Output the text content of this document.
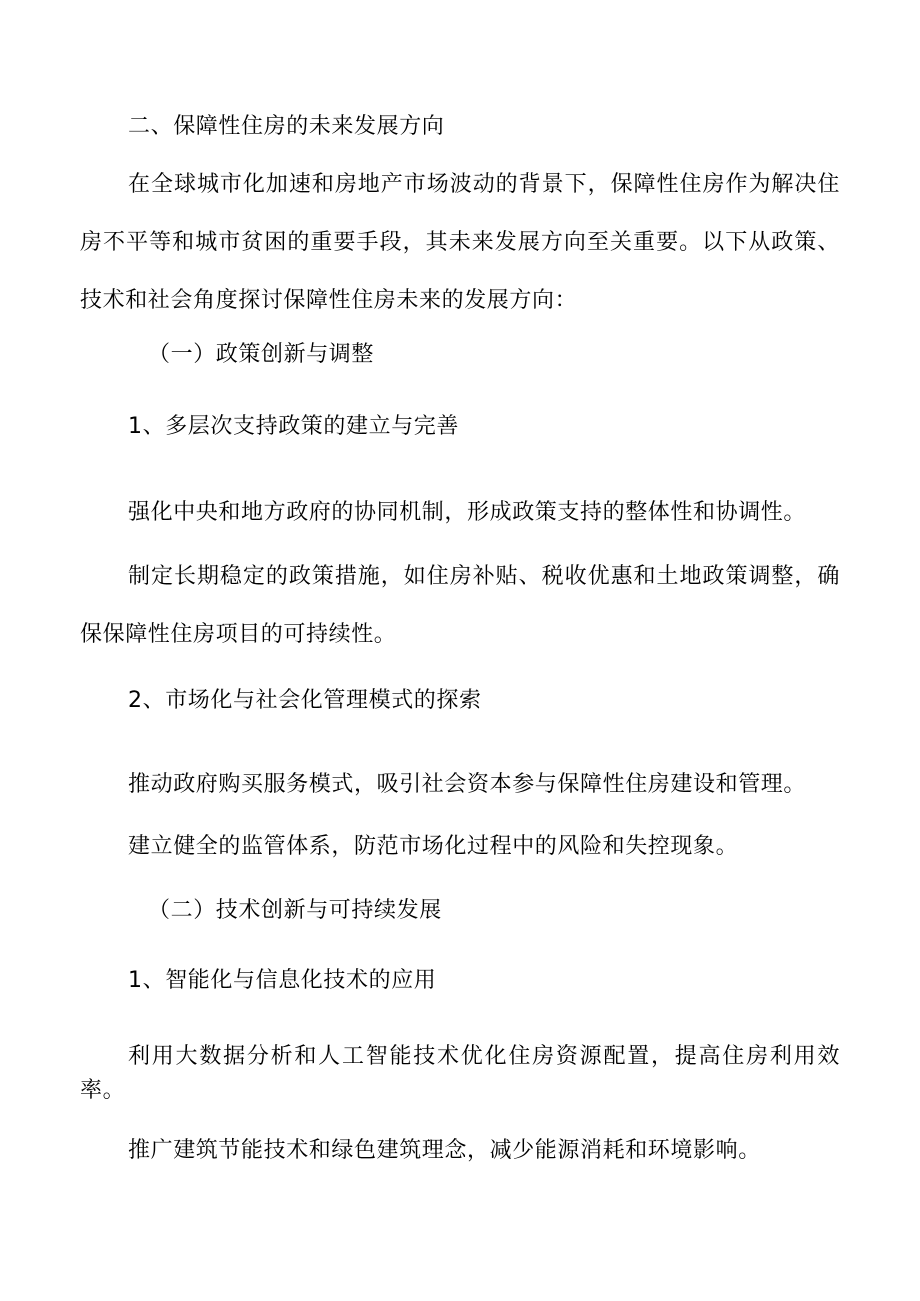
二、保障性住房的未来发展方向
在全球城市化加速和房地产市场波动的背景下，保障性住房作为解决住房不平等和城市贫困的重要手段，其未来发展方向至关重要。以下从政策、技术和社会角度探讨保障性住房未来的发展方向：
（一）政策创新与调整
1、多层次支持政策的建立与完善
强化中央和地方政府的协同机制，形成政策支持的整体性和协调性。
制定长期稳定的政策措施，如住房补贴、税收优惠和土地政策调整，确保保障性住房项目的可持续性。
2、市场化与社会化管理模式的探索
推动政府购买服务模式，吸引社会资本参与保障性住房建设和管理。
建立健全的监管体系，防范市场化过程中的风险和失控现象。
（二）技术创新与可持续发展
1、智能化与信息化技术的应用
利用大数据分析和人工智能技术优化住房资源配置，提高住房利用效率。
推广建筑节能技术和绿色建筑理念，减少能源消耗和环境影响。
